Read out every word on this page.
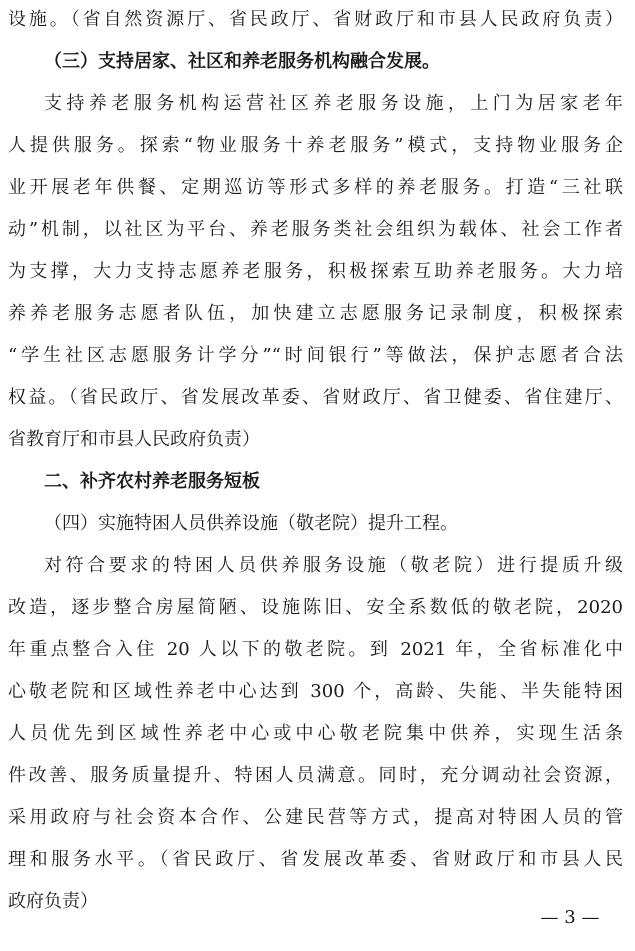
设施。（省自然资源厅、省民政厅、省财政厅和市县人民政府负责）
（三）支持居家、社区和养老服务机构融合发展。
支持养老服务机构运营社区养老服务设施，上门为居家老年
人提供服务。探索“物业服务十养老服务”模式，支持物业服务企
业开展老年供餐、定期巡访等形式多样的养老服务。打造“三社联
动”机制，以社区为平台、养老服务类社会组织为载体、社会工作者
为支撑，大力支持志愿养老服务，积极探索互助养老服务。大力培
养养老服务志愿者队伍，加快建立志愿服务记录制度，积极探索
“学生社区志愿服务计学分”“时间银行”等做法，保护志愿者合法
权益。（省民政厅、省发展改革委、省财政厅、省卫健委、省住建厅、
省教育厅和市县人民政府负责）
二、补齐农村养老服务短板
（四）实施特困人员供养设施（敬老院）提升工程。
对符合要求的特困人员供养服务设施（敬老院）进行提质升级
改造，逐步整合房屋简陋、设施陈旧、安全系数低的敬老院，2020
年重点整合入住 20 人以下的敬老院。到 2021 年，全省标准化中
心敬老院和区域性养老中心达到 300 个，高龄、失能、半失能特困
人员优先到区域性养老中心或中心敬老院集中供养，实现生活条
件改善、服务质量提升、特困人员满意。同时，充分调动社会资源，
采用政府与社会资本合作、公建民营等方式，提高对特困人员的管
理和服务水平。（省民政厅、省发展改革委、省财政厅和市县人民
政府负责）
— 3 —
